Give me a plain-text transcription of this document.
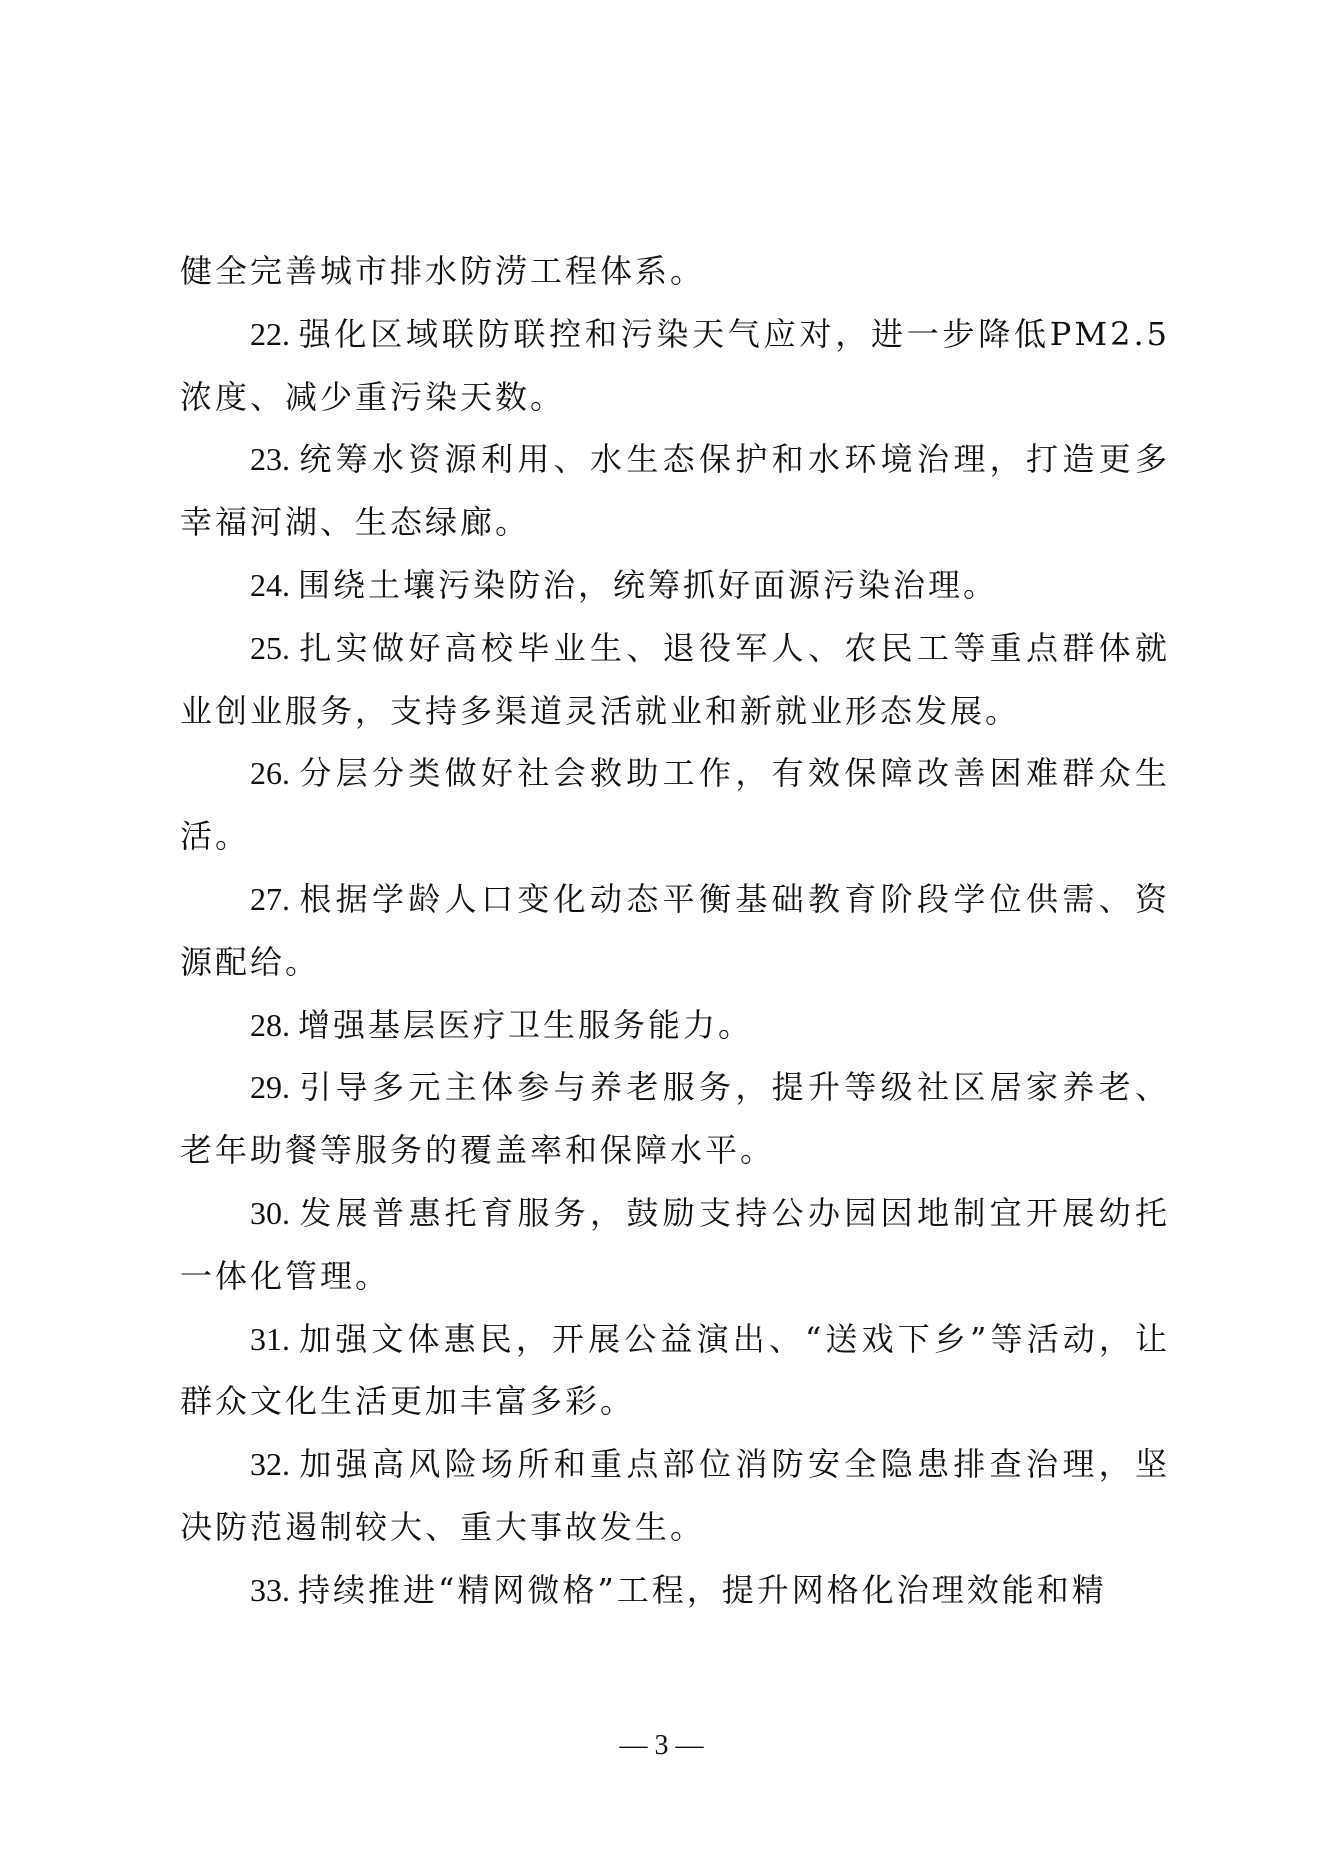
健全完善城市排水防涝工程体系。

22. 强化区域联防联控和污染天气应对，进一步降低PM2.5浓度、减少重污染天数。

23. 统筹水资源利用、水生态保护和水环境治理，打造更多幸福河湖、生态绿廊。

24. 围绕土壤污染防治，统筹抓好面源污染治理。

25. 扎实做好高校毕业生、退役军人、农民工等重点群体就业创业服务，支持多渠道灵活就业和新就业形态发展。

26. 分层分类做好社会救助工作，有效保障改善困难群众生活。

27. 根据学龄人口变化动态平衡基础教育阶段学位供需、资源配给。

28. 增强基层医疗卫生服务能力。

29. 引导多元主体参与养老服务，提升等级社区居家养老、老年助餐等服务的覆盖率和保障水平。

30. 发展普惠托育服务，鼓励支持公办园因地制宜开展幼托一体化管理。

31. 加强文体惠民，开展公益演出、“送戏下乡”等活动，让群众文化生活更加丰富多彩。

32. 加强高风险场所和重点部位消防安全隐患排查治理，坚决防范遏制较大、重大事故发生。

33. 持续推进“精网微格”工程，提升网格化治理效能和精

— 3 —
